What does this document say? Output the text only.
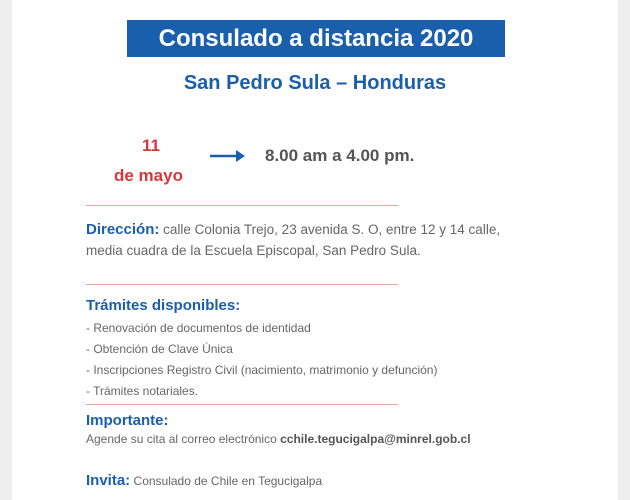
Consulado a distancia 2020
San Pedro Sula – Honduras
11
de mayo
8.00 am a 4.00 pm.
Dirección: calle Colonia Trejo, 23 avenida S. O, entre 12 y 14 calle, media cuadra de la Escuela Episcopal, San Pedro Sula.
Trámites disponibles:
- Renovación de documentos de identidad
- Obtención de Clave Única
- Inscripciones Registro Civil (nacimiento, matrimonio y defunción)
- Trámites notariales.
Importante:
Agende su cita al correo electrónico cchile.tegucigalpa@minrel.gob.cl
Invita: Consulado de Chile en Tegucigalpa
